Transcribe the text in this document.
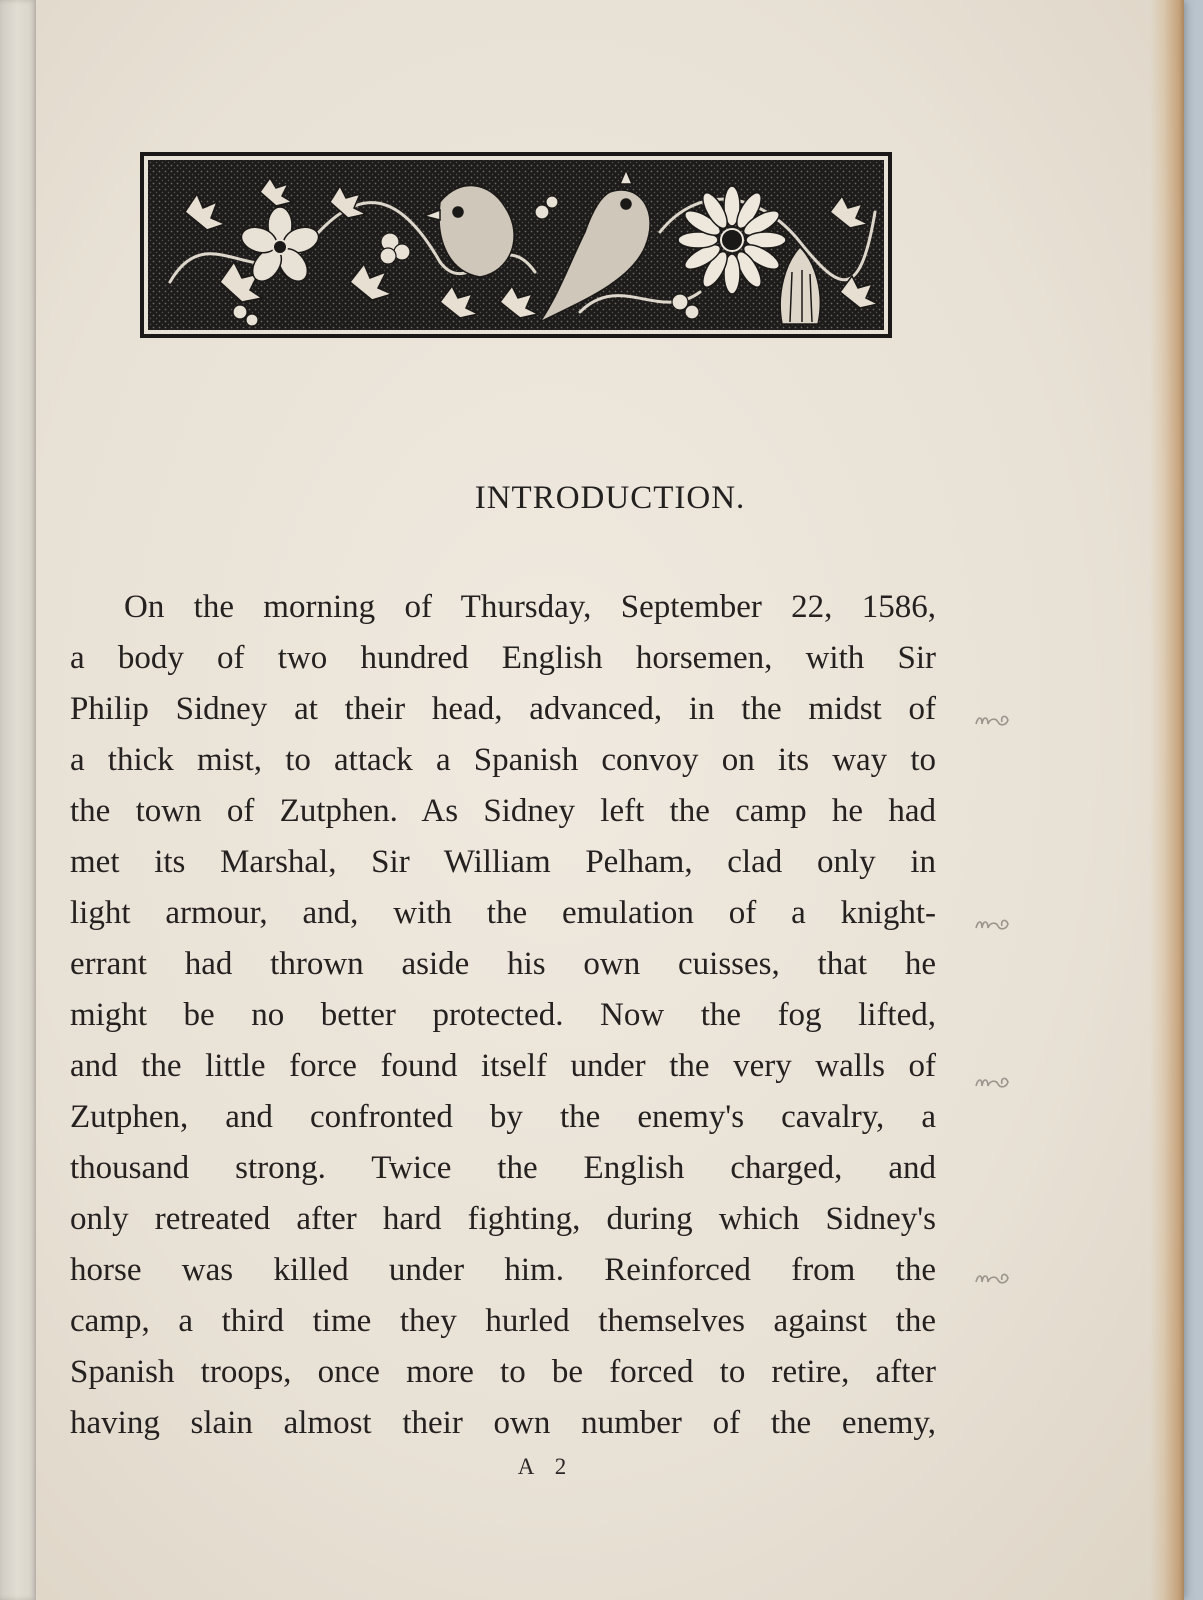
INTRODUCTION.
On the morning of Thursday, September 22, 1586,
a body of two hundred English horsemen, with Sir
Philip Sidney at their head, advanced, in the midst of
a thick mist, to attack a Spanish convoy on its way to
the town of Zutphen. As Sidney left the camp he had
met its Marshal, Sir William Pelham, clad only in
light armour, and, with the emulation of a knight-
errant had thrown aside his own cuisses, that he
might be no better protected. Now the fog lifted,
and the little force found itself under the very walls of
Zutphen, and confronted by the enemy's cavalry, a
thousand strong. Twice the English charged, and
only retreated after hard fighting, during which Sidney's
horse was killed under him. Reinforced from the
camp, a third time they hurled themselves against the
Spanish troops, once more to be forced to retire, after
having slain almost their own number of the enemy,
A 2
